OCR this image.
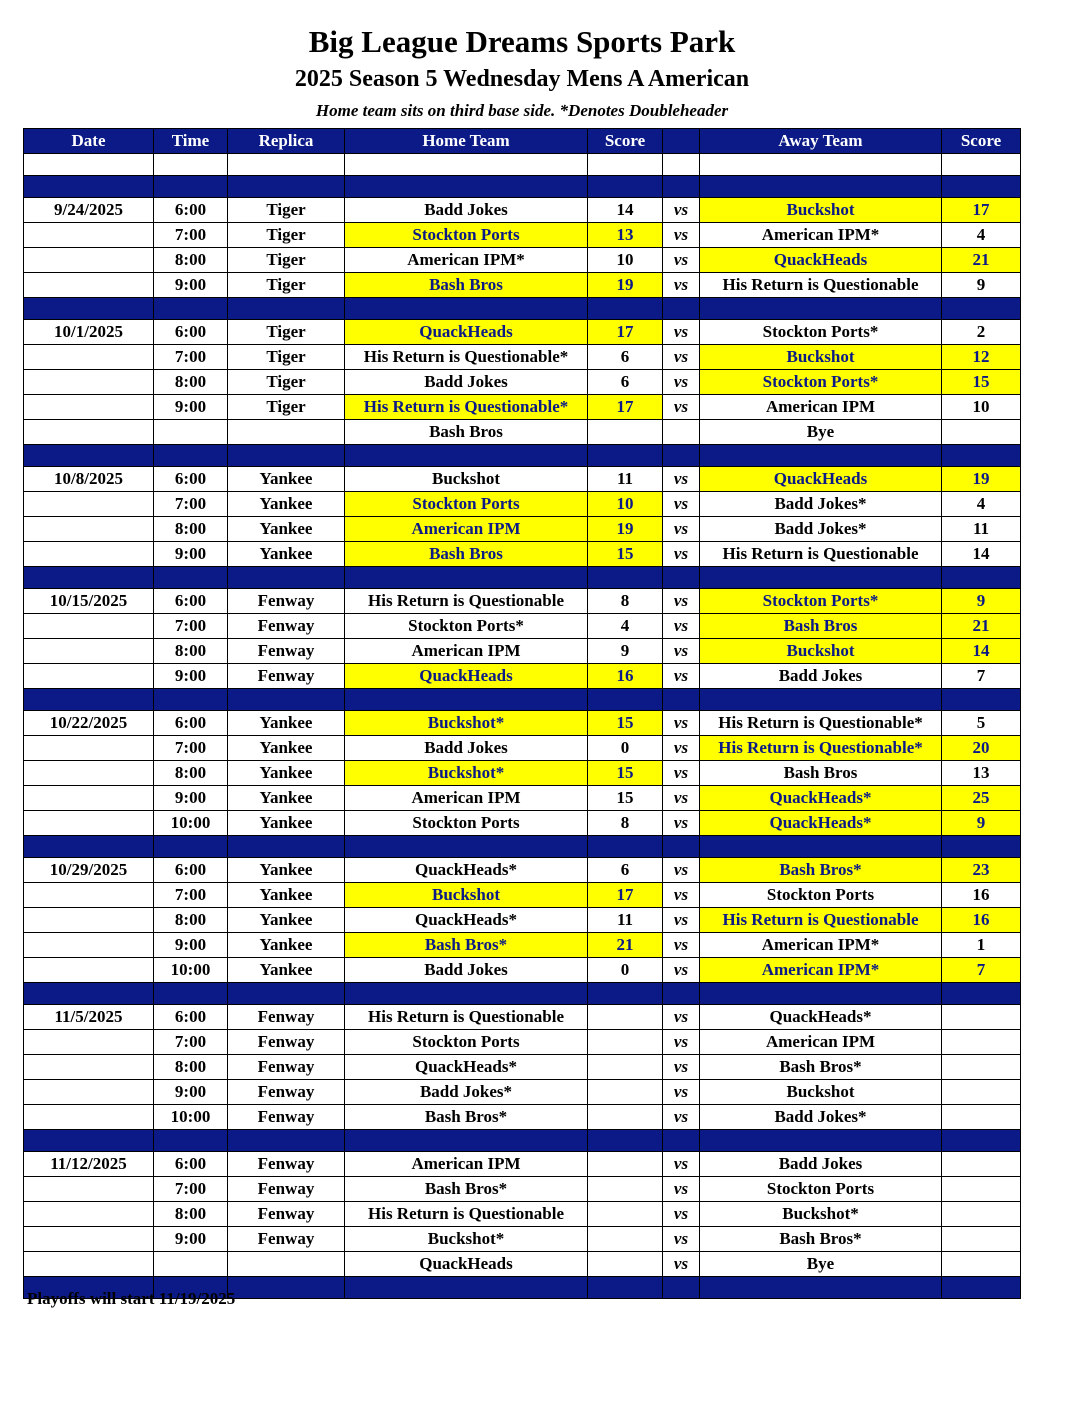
Big League Dreams Sports Park
2025 Season 5 Wednesday Mens A American
Home team sits on third base side. *Denotes Doubleheader
Date	Time	Replica	Home Team	Score		Away Team	Score

9/24/2025	6:00	Tiger	Badd Jokes	14	vs	Buckshot	17
	7:00	Tiger	Stockton Ports	13	vs	American IPM*	4
	8:00	Tiger	American IPM*	10	vs	QuackHeads	21
	9:00	Tiger	Bash Bros	19	vs	His Return is Questionable	9

10/1/2025	6:00	Tiger	QuackHeads	17	vs	Stockton Ports*	2
	7:00	Tiger	His Return is Questionable*	6	vs	Buckshot	12
	8:00	Tiger	Badd Jokes	6	vs	Stockton Ports*	15
	9:00	Tiger	His Return is Questionable*	17	vs	American IPM	10
			Bash Bros			Bye	

10/8/2025	6:00	Yankee	Buckshot	11	vs	QuackHeads	19
	7:00	Yankee	Stockton Ports	10	vs	Badd Jokes*	4
	8:00	Yankee	American IPM	19	vs	Badd Jokes*	11
	9:00	Yankee	Bash Bros	15	vs	His Return is Questionable	14

10/15/2025	6:00	Fenway	His Return is Questionable	8	vs	Stockton Ports*	9
	7:00	Fenway	Stockton Ports*	4	vs	Bash Bros	21
	8:00	Fenway	American IPM	9	vs	Buckshot	14
	9:00	Fenway	QuackHeads	16	vs	Badd Jokes	7

10/22/2025	6:00	Yankee	Buckshot*	15	vs	His Return is Questionable*	5
	7:00	Yankee	Badd Jokes	0	vs	His Return is Questionable*	20
	8:00	Yankee	Buckshot*	15	vs	Bash Bros	13
	9:00	Yankee	American IPM	15	vs	QuackHeads*	25
	10:00	Yankee	Stockton Ports	8	vs	QuackHeads*	9

10/29/2025	6:00	Yankee	QuackHeads*	6	vs	Bash Bros*	23
	7:00	Yankee	Buckshot	17	vs	Stockton Ports	16
	8:00	Yankee	QuackHeads*	11	vs	His Return is Questionable	16
	9:00	Yankee	Bash Bros*	21	vs	American IPM*	1
	10:00	Yankee	Badd Jokes	0	vs	American IPM*	7

11/5/2025	6:00	Fenway	His Return is Questionable		vs	QuackHeads*	
	7:00	Fenway	Stockton Ports		vs	American IPM	
	8:00	Fenway	QuackHeads*		vs	Bash Bros*	
	9:00	Fenway	Badd Jokes*		vs	Buckshot	
	10:00	Fenway	Bash Bros*		vs	Badd Jokes*	

11/12/2025	6:00	Fenway	American IPM		vs	Badd Jokes	
	7:00	Fenway	Bash Bros*		vs	Stockton Ports	
	8:00	Fenway	His Return is Questionable		vs	Buckshot*	
	9:00	Fenway	Buckshot*		vs	Bash Bros*	
			QuackHeads		vs	Bye	

Playoffs will start 11/19/2025
